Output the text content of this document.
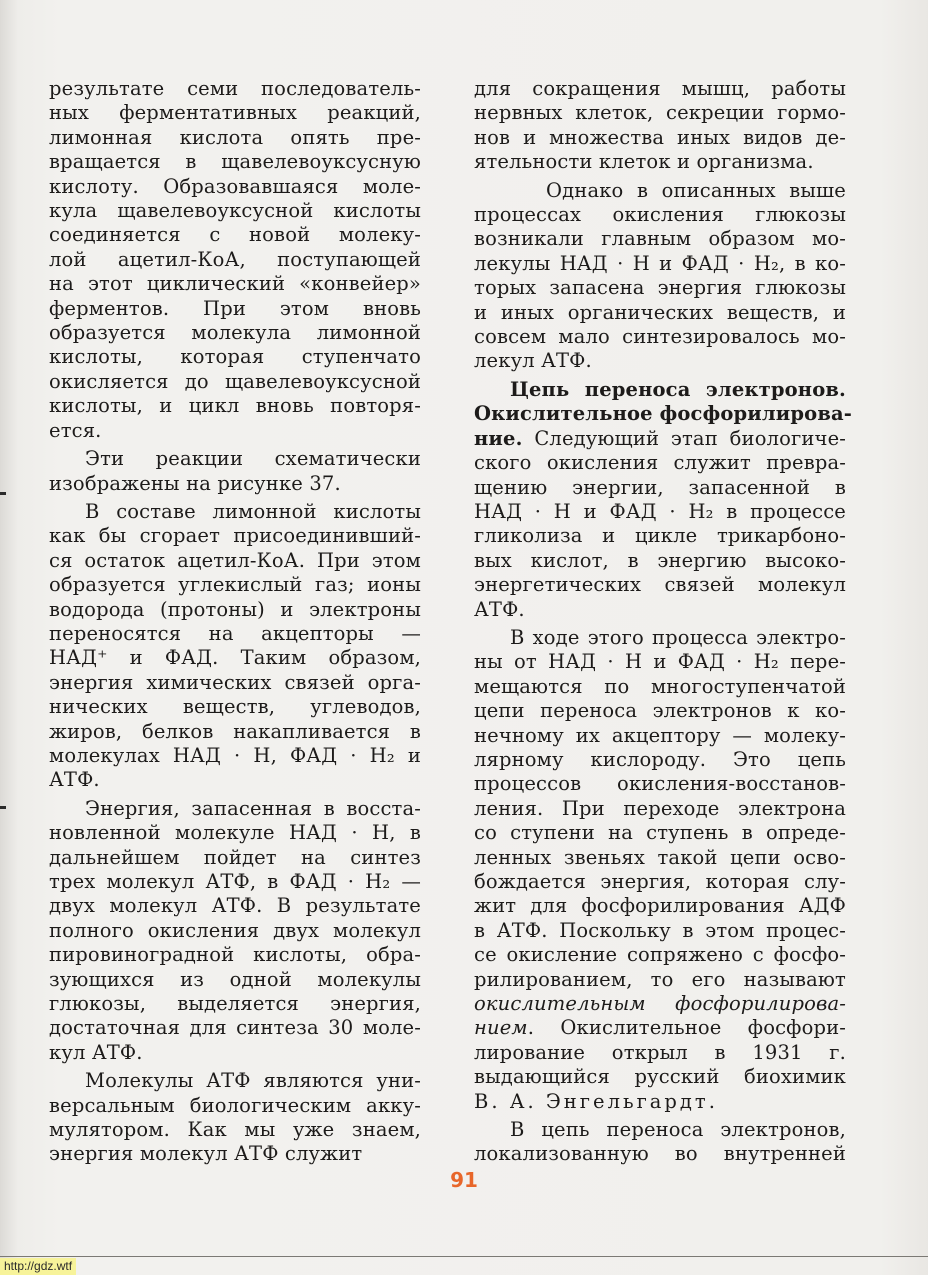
результате семи последователь-
ных ферментативных реакций,
лимонная кислота опять пре-
вращается в щавелевоуксусную
кислоту. Образовавшаяся моле-
кула щавелевоуксусной кислоты
соединяется с новой молеку-
лой ацетил-КоА, поступающей
на этот циклический «конвейер»
ферментов. При этом вновь
образуется молекула лимонной
кислоты, которая ступенчато
окисляется до щавелевоуксусной
кислоты, и цикл вновь повторя-
ется.
Эти реакции схематически
изображены на рисунке 37.
В составе лимонной кислоты
как бы сгорает присоединивший-
ся остаток ацетил-КоА. При этом
образуется углекислый газ; ионы
водорода (протоны) и электроны
переносятся на акцепторы —
НАД⁺ и ФАД. Таким образом,
энергия химических связей орга-
нических веществ, углеводов,
жиров, белков накапливается в
молекулах НАД · Н, ФАД · Н₂ и
АТФ.
Энергия, запасенная в восста-
новленной молекуле НАД · Н, в
дальнейшем пойдет на синтез
трех молекул АТФ, в ФАД · Н₂ —
двух молекул АТФ. В результате
полного окисления двух молекул
пировиноградной кислоты, обра-
зующихся из одной молекулы
глюкозы, выделяется энергия,
достаточная для синтеза 30 моле-
кул АТФ.
Молекулы АТФ являются уни-
версальным биологическим акку-
мулятором. Как мы уже знаем,
энергия молекул АТФ служит
для сокращения мышц, работы
нервных клеток, секреции гормо-
нов и множества иных видов де-
ятельности клеток и организма.
Однако в описанных выше
процессах окисления глюкозы
возникали главным образом мо-
лекулы НАД · Н и ФАД · Н₂, в ко-
торых запасена энергия глюкозы
и иных органических веществ, и
совсем мало синтезировалось мо-
лекул АТФ.
Цепь переноса электронов.
Окислительное фосфорилирова-
ние. Следующий этап биологиче-
ского окисления служит превра-
щению энергии, запасенной в
НАД · Н и ФАД · Н₂ в процессе
гликолиза и цикле трикарбоно-
вых кислот, в энергию высоко-
энергетических связей молекул
АТФ.
В ходе этого процесса электро-
ны от НАД · Н и ФАД · Н₂ пере-
мещаются по многоступенчатой
цепи переноса электронов к ко-
нечному их акцептору — молеку-
лярному кислороду. Это цепь
процессов окисления-восстанов-
ления. При переходе электрона
со ступени на ступень в опреде-
ленных звеньях такой цепи осво-
бождается энергия, которая слу-
жит для фосфорилирования АДФ
в АТФ. Поскольку в этом процес-
се окисление сопряжено с фосфо-
рилированием, то его называют
окислительным фосфорилирова-
нием. Окислительное фосфори-
лирование открыл в 1931 г.
выдающийся русский биохимик
В. А. Энгельгардт.
В цепь переноса электронов,
локализованную во внутренней
91
http://gdz.wtf
